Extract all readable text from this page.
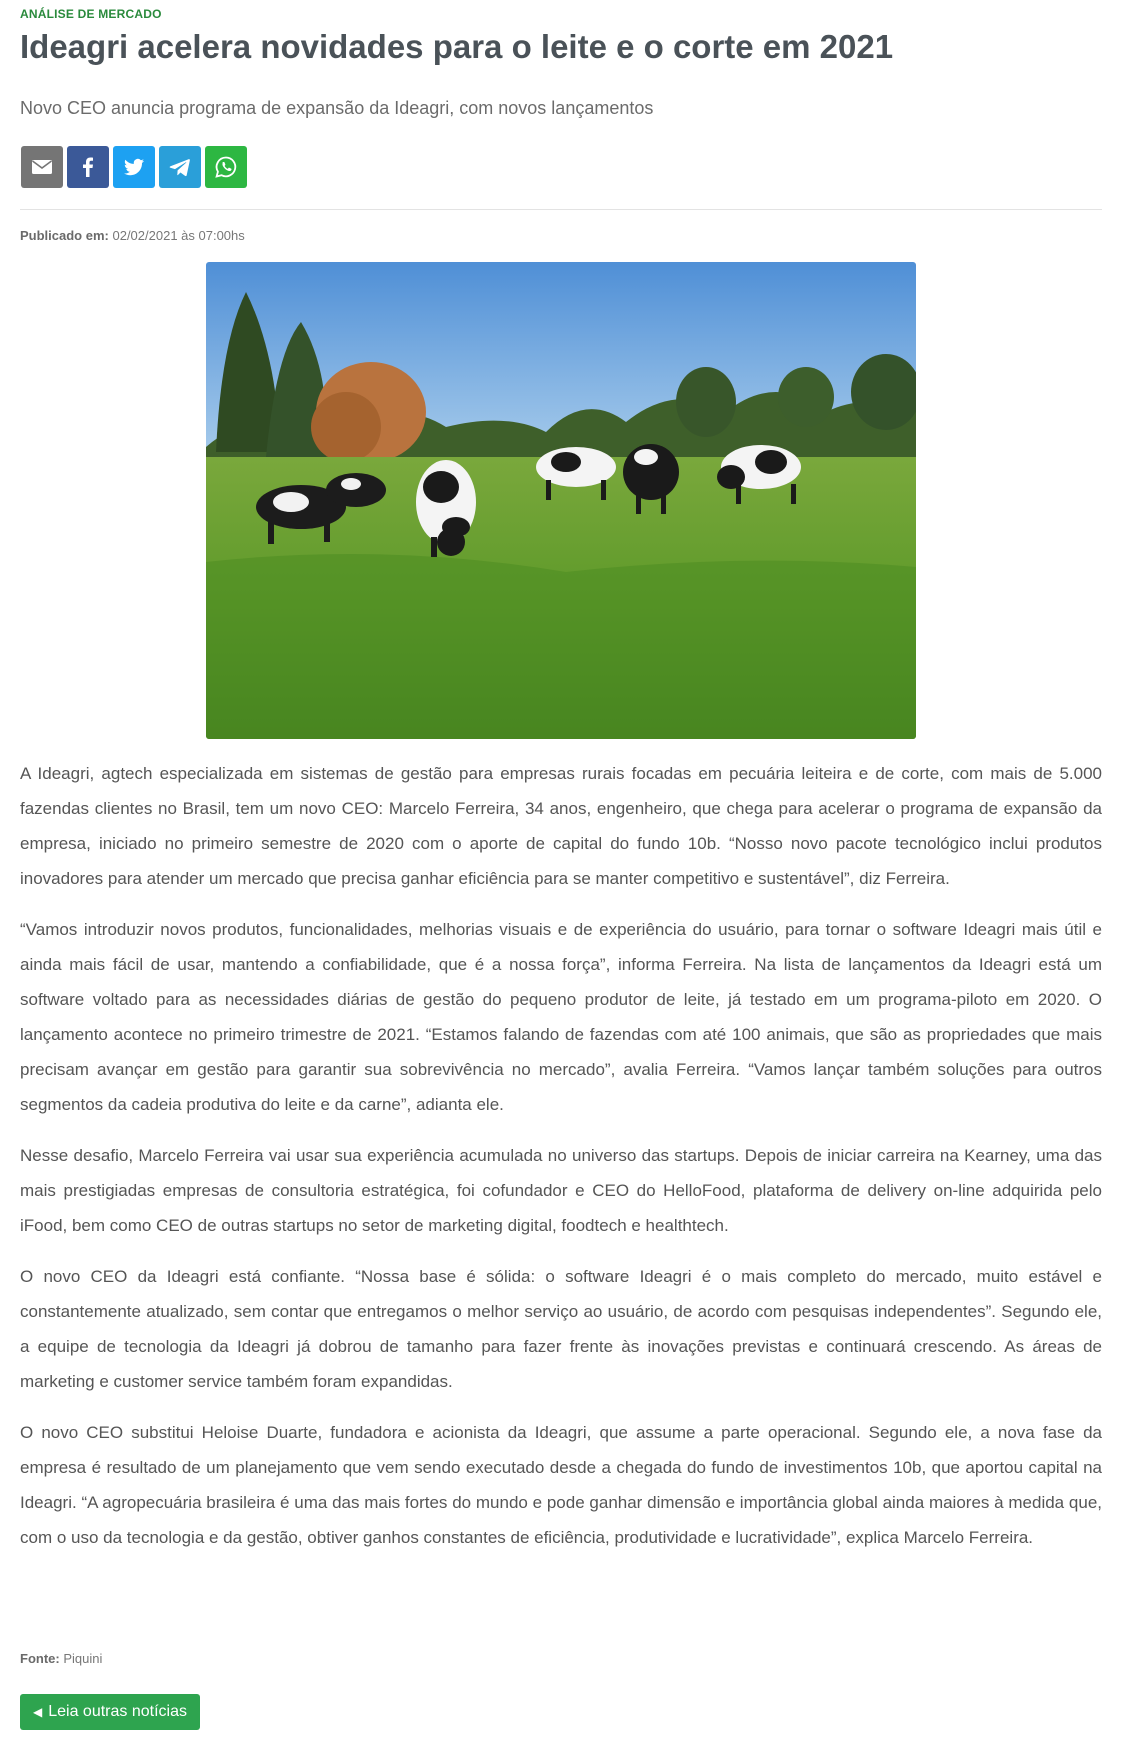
ANÁLISE DE MERCADO
Ideagri acelera novidades para o leite e o corte em 2021

Novo CEO anuncia programa de expansão da Ideagri, com novos lançamentos

Publicado em: 02/02/2021 às 07:00hs

A Ideagri, agtech especializada em sistemas de gestão para empresas rurais focadas em pecuária leiteira e de corte, com mais de 5.000 fazendas clientes no Brasil, tem um novo CEO: Marcelo Ferreira, 34 anos, engenheiro, que chega para acelerar o programa de expansão da empresa, iniciado no primeiro semestre de 2020 com o aporte de capital do fundo 10b. “Nosso novo pacote tecnológico inclui produtos inovadores para atender um mercado que precisa ganhar eficiência para se manter competitivo e sustentável”, diz Ferreira.

“Vamos introduzir novos produtos, funcionalidades, melhorias visuais e de experiência do usuário, para tornar o software Ideagri mais útil e ainda mais fácil de usar, mantendo a confiabilidade, que é a nossa força”, informa Ferreira. Na lista de lançamentos da Ideagri está um software voltado para as necessidades diárias de gestão do pequeno produtor de leite, já testado em um programa-piloto em 2020. O lançamento acontece no primeiro trimestre de 2021. “Estamos falando de fazendas com até 100 animais, que são as propriedades que mais precisam avançar em gestão para garantir sua sobrevivência no mercado”, avalia Ferreira. “Vamos lançar também soluções para outros segmentos da cadeia produtiva do leite e da carne”, adianta ele.

Nesse desafio, Marcelo Ferreira vai usar sua experiência acumulada no universo das startups. Depois de iniciar carreira na Kearney, uma das mais prestigiadas empresas de consultoria estratégica, foi cofundador e CEO do HelloFood, plataforma de delivery on-line adquirida pelo iFood, bem como CEO de outras startups no setor de marketing digital, foodtech e healthtech.

O novo CEO da Ideagri está confiante. “Nossa base é sólida: o software Ideagri é o mais completo do mercado, muito estável e constantemente atualizado, sem contar que entregamos o melhor serviço ao usuário, de acordo com pesquisas independentes”. Segundo ele, a equipe de tecnologia da Ideagri já dobrou de tamanho para fazer frente às inovações previstas e continuará crescendo. As áreas de marketing e customer service também foram expandidas.

O novo CEO substitui Heloise Duarte, fundadora e acionista da Ideagri, que assume a parte operacional. Segundo ele, a nova fase da empresa é resultado de um planejamento que vem sendo executado desde a chegada do fundo de investimentos 10b, que aportou capital na Ideagri. “A agropecuária brasileira é uma das mais fortes do mundo e pode ganhar dimensão e importância global ainda maiores à medida que, com o uso da tecnologia e da gestão, obtiver ganhos constantes de eficiência, produtividade e lucratividade”, explica Marcelo Ferreira.

Fonte: Piquini
◀ Leia outras notícias
